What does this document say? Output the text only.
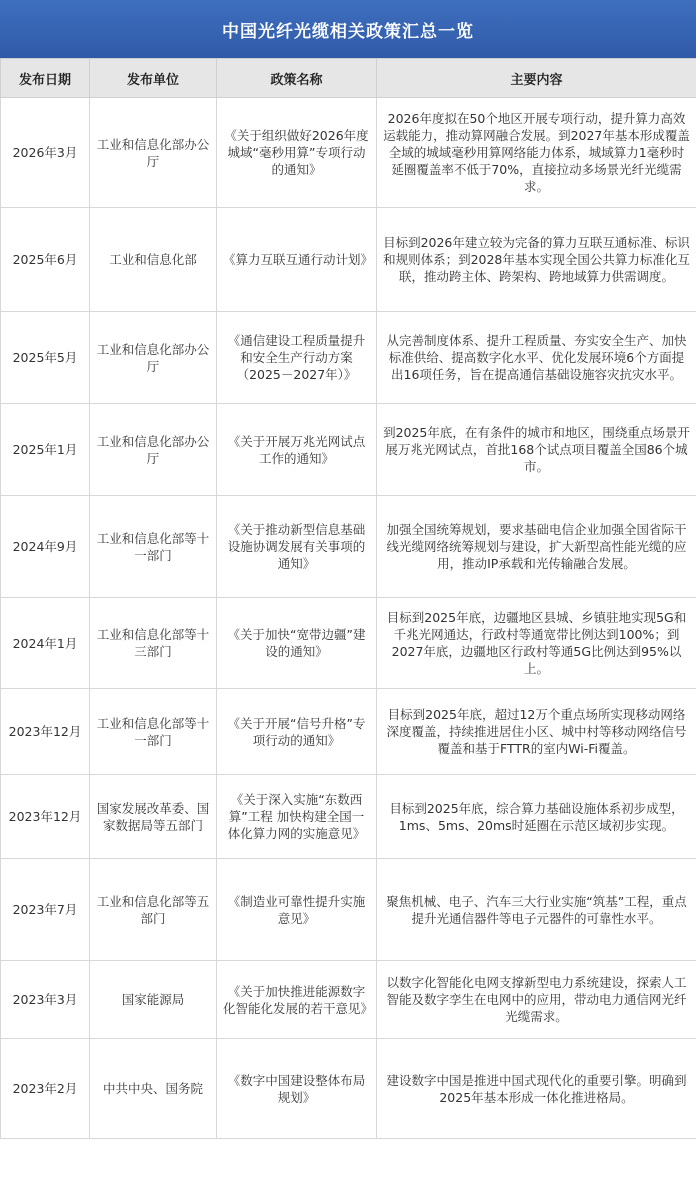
中国光纤光缆相关政策汇总一览
发布日期	发布单位	政策名称	主要内容
2026年3月	工业和信息化部办公厅	《关于组织做好2026年度城域“毫秒用算”专项行动的通知》	2026年度拟在50个地区开展专项行动，提升算力高效运载能力，推动算网融合发展。到2027年基本形成覆盖全域的城域毫秒用算网络能力体系，城域算力1毫秒时延圈覆盖率不低于70%，直接拉动多场景光纤光缆需求。
2025年6月	工业和信息化部	《算力互联互通行动计划》	目标到2026年建立较为完备的算力互联互通标准、标识和规则体系；到2028年基本实现全国公共算力标准化互联，推动跨主体、跨架构、跨地域算力供需调度。
2025年5月	工业和信息化部办公厅	《通信建设工程质量提升和安全生产行动方案（2025－2027年）》	从完善制度体系、提升工程质量、夯实安全生产、加快标准供给、提高数字化水平、优化发展环境6个方面提出16项任务，旨在提高通信基础设施容灾抗灾水平。
2025年1月	工业和信息化部办公厅	《关于开展万兆光网试点工作的通知》	到2025年底，在有条件的城市和地区，围绕重点场景开展万兆光网试点，首批168个试点项目覆盖全国86个城市。
2024年9月	工业和信息化部等十一部门	《关于推动新型信息基础设施协调发展有关事项的通知》	加强全国统筹规划，要求基础电信企业加强全国省际干线光缆网络统筹规划与建设，扩大新型高性能光缆的应用，推动IP承载和光传输融合发展。
2024年1月	工业和信息化部等十三部门	《关于加快“宽带边疆”建设的通知》	目标到2025年底，边疆地区县城、乡镇驻地实现5G和千兆光网通达，行政村等通宽带比例达到100%；到2027年底，边疆地区行政村等通5G比例达到95%以上。
2023年12月	工业和信息化部等十一部门	《关于开展“信号升格”专项行动的通知》	目标到2025年底，超过12万个重点场所实现移动网络深度覆盖，持续推进居住小区、城中村等移动网络信号覆盖和基于FTTR的室内Wi-Fi覆盖。
2023年12月	国家发展改革委、国家数据局等五部门	《关于深入实施“东数西算”工程 加快构建全国一体化算力网的实施意见》	目标到2025年底，综合算力基础设施体系初步成型，1ms、5ms、20ms时延圈在示范区域初步实现。
2023年7月	工业和信息化部等五部门	《制造业可靠性提升实施意见》	聚焦机械、电子、汽车三大行业实施“筑基”工程，重点提升光通信器件等电子元器件的可靠性水平。
2023年3月	国家能源局	《关于加快推进能源数字化智能化发展的若干意见》	以数字化智能化电网支撑新型电力系统建设，探索人工智能及数字孪生在电网中的应用，带动电力通信网光纤光缆需求。
2023年2月	中共中央、国务院	《数字中国建设整体布局规划》	建设数字中国是推进中国式现代化的重要引擎。明确到2025年基本形成一体化推进格局。
